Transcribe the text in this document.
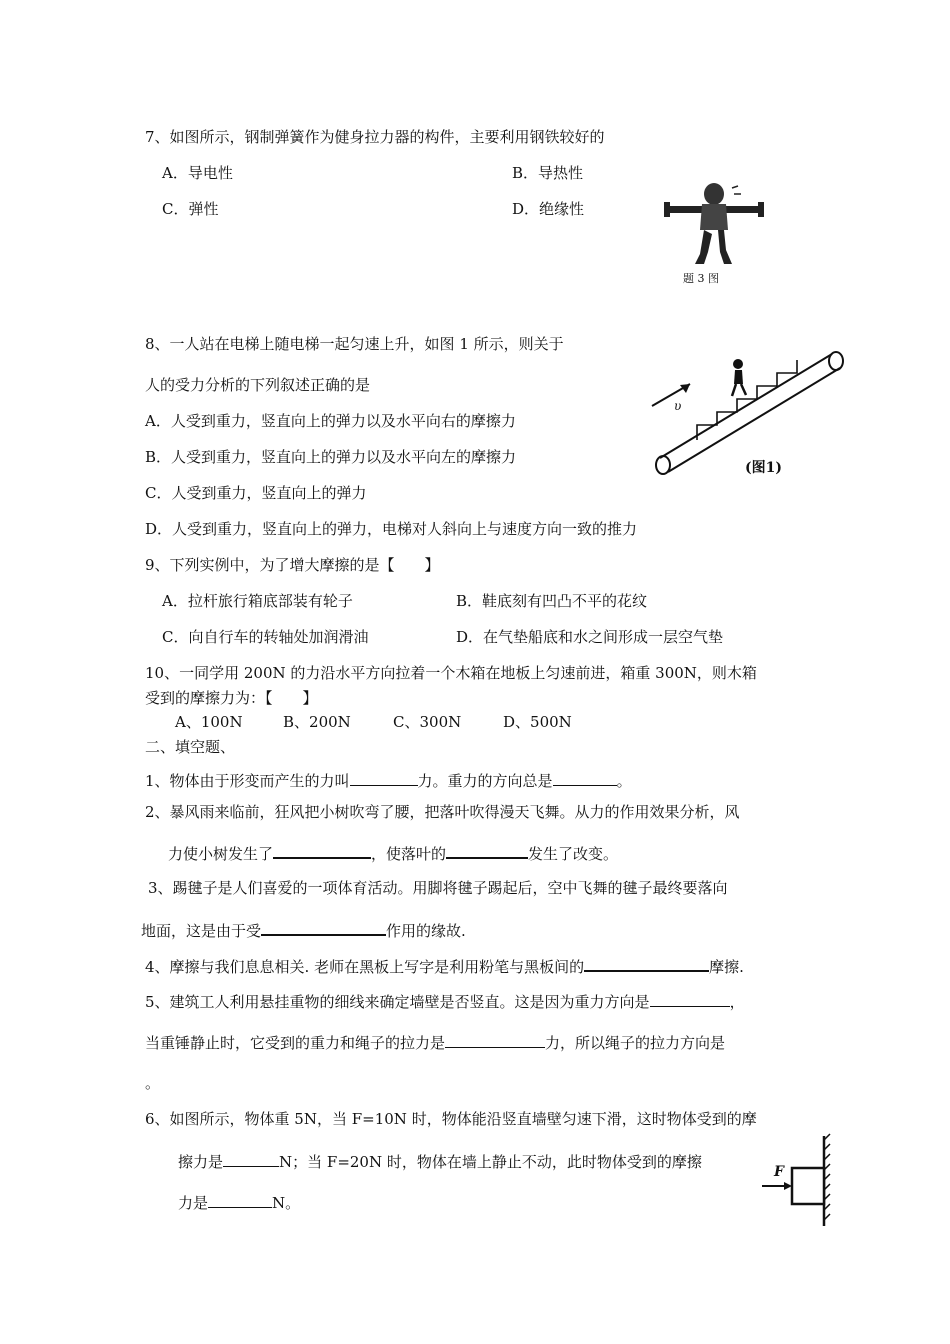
7、如图所示，钢制弹簧作为健身拉力器的构件，主要利用钢铁较好的
A．导电性	B．导热性
C．弹性	D．绝缘性
题 3 图
8、一人站在电梯上随电梯一起匀速上升，如图 1 所示，则关于
人的受力分析的下列叙述正确的是
A．人受到重力，竖直向上的弹力以及水平向右的摩擦力
B．人受到重力，竖直向上的弹力以及水平向左的摩擦力
C．人受到重力，竖直向上的弹力
D．人受到重力，竖直向上的弹力，电梯对人斜向上与速度方向一致的推力
υ
(图1)
9、下列实例中，为了增大摩擦的是【　　】
A．拉杆旅行箱底部装有轮子	B．鞋底刻有凹凸不平的花纹
C．向自行车的转轴处加润滑油	D．在气垫船底和水之间形成一层空气垫
10、一同学用 200N 的力沿水平方向拉着一个木箱在地板上匀速前进，箱重 300N，则木箱
受到的摩擦力为：【　　】
A、100N	B、200N	C、300N	D、500N
二、填空题、
1、物体由于形变而产生的力叫	力。重力的方向总是	。
2、暴风雨来临前，狂风把小树吹弯了腰，把落叶吹得漫天飞舞。从力的作用效果分析，风
力使小树发生了	，使落叶的	发生了改变。
3、踢毽子是人们喜爱的一项体育活动。用脚将毽子踢起后，空中飞舞的毽子最终要落向
地面，这是由于受	作用的缘故.
4、摩擦与我们息息相关. 老师在黑板上写字是利用粉笔与黑板间的	摩擦.
5、建筑工人利用悬挂重物的细线来确定墙壁是否竖直。这是因为重力方向是	，
当重锤静止时，它受到的重力和绳子的拉力是	力，所以绳子的拉力方向是
。
6、如图所示，物体重 5N，当 F=10N 时，物体能沿竖直墙壁匀速下滑，这时物体受到的摩
擦力是	N；当 F=20N 时，物体在墙上静止不动，此时物体受到的摩擦
力是	N。
F
